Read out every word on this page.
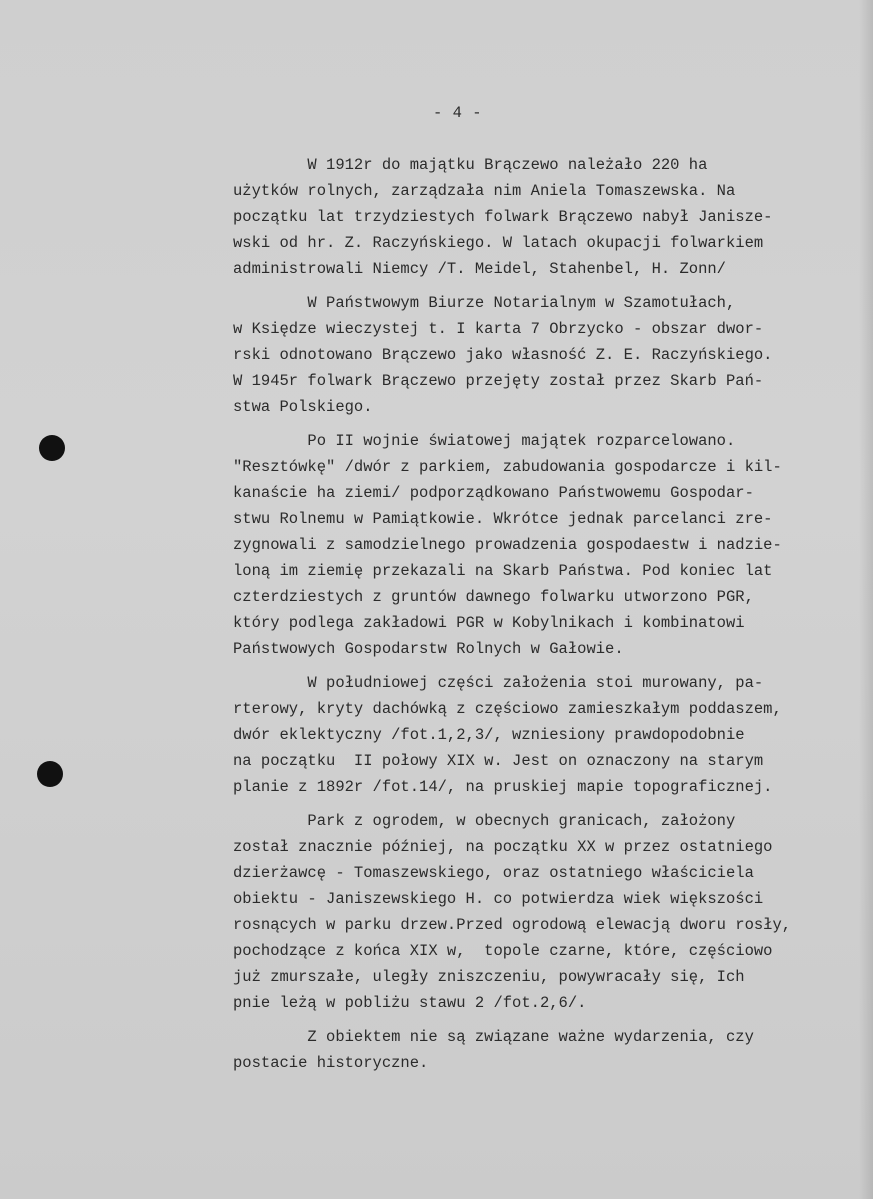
- 4 -
W 1912r do majątku Brączewo należało 220 ha
użytków rolnych, zarządzała nim Aniela Tomaszewska. Na
początku lat trzydziestych folwark Brączewo nabył Janisze-
wski od hr. Z. Raczyńskiego. W latach okupacji folwarkiem
administrowali Niemcy /T. Meidel, Stahenbel, H. Zonn/
W Państwowym Biurze Notarialnym w Szamotułach,
w Księdze wieczystej t. I karta 7 Obrzycko - obszar dwor-
rski odnotowano Brączewo jako własność Z. E. Raczyńskiego.
W 1945r folwark Brączewo przejęty został przez Skarb Pań-
stwa Polskiego.
Po II wojnie światowej majątek rozparcelowano.
"Resztówkę" /dwór z parkiem, zabudowania gospodarcze i kil-
kanaście ha ziemi/ podporządkowano Państwowemu Gospodar-
stwu Rolnemu w Pamiątkowie. Wkrótce jednak parcelanci zre-
zygnowali z samodzielnego prowadzenia gospodaestw i nadzie-
loną im ziemię przekazali na Skarb Państwa. Pod koniec lat
czterdziestych z gruntów dawnego folwarku utworzono PGR,
który podlega zakładowi PGR w Kobylnikach i kombinatowi
Państwowych Gospodarstw Rolnych w Gałowie.
W południowej części założenia stoi murowany, pa-
rterowy, kryty dachówką z częściowo zamieszkałym poddaszem,
dwór eklektyczny /fot.1,2,3/, wzniesiony prawdopodobnie
na początku  II połowy XIX w. Jest on oznaczony na starym
planie z 1892r /fot.14/, na pruskiej mapie topograficznej.
Park z ogrodem, w obecnych granicach, założony
został znacznie później, na początku XX w przez ostatniego
dzierżawcę - Tomaszewskiego, oraz ostatniego właściciela
obiektu - Janiszewskiego H. co potwierdza wiek większości
rosnących w parku drzew.Przed ogrodową elewacją dworu rosły,
pochodzące z końca XIX w,  topole czarne, które, częściowo
już zmurszałe, uległy zniszczeniu, powywracały się, Ich
pnie leżą w pobliżu stawu 2 /fot.2,6/.
Z obiektem nie są związane ważne wydarzenia, czy
postacie historyczne.
